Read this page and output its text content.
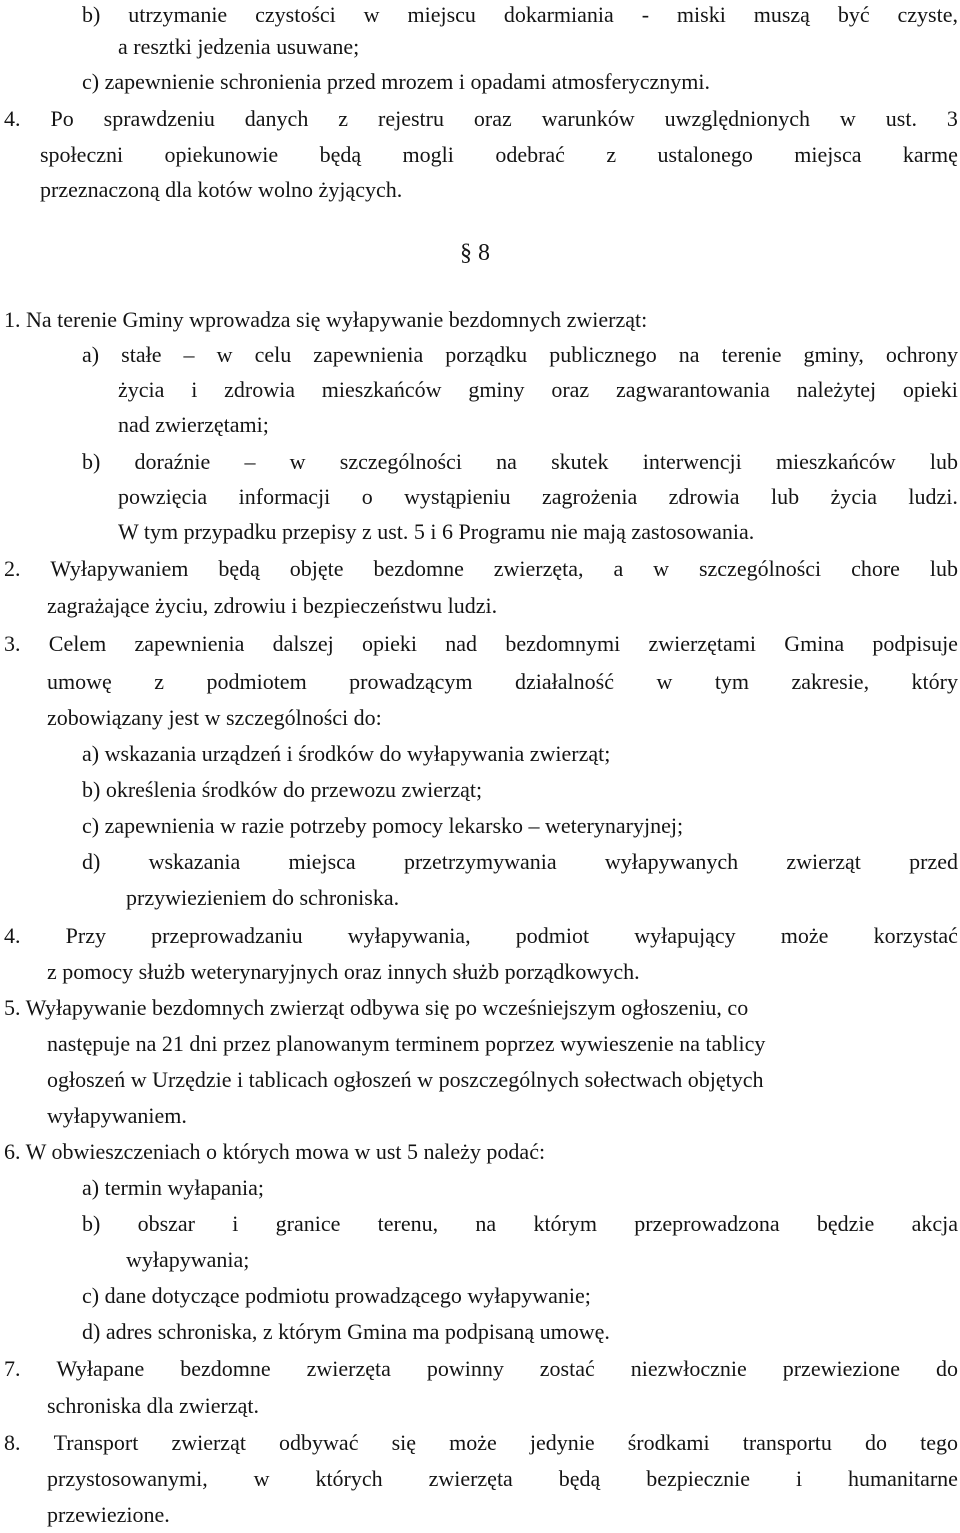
§ 8
b) utrzymanie czystości w miejscu dokarmiania - miski muszą być czyste,
a resztki jedzenia usuwane;
c) zapewnienie schronienia przed mrozem i opadami atmosferycznymi.
4. Po sprawdzeniu danych z rejestru oraz warunków uwzględnionych w ust. 3
społeczni opiekunowie będą mogli odebrać z ustalonego miejsca karmę
przeznaczoną dla kotów wolno żyjących.
1. Na terenie Gminy wprowadza się wyłapywanie bezdomnych zwierząt:
a) stałe – w celu zapewnienia porządku publicznego na terenie gminy, ochrony
życia i zdrowia mieszkańców gminy oraz zagwarantowania należytej opieki
nad zwierzętami;
b) doraźnie – w szczególności na skutek interwencji mieszkańców lub
powzięcia informacji o wystąpieniu zagrożenia zdrowia lub życia ludzi.
W tym przypadku przepisy z ust. 5 i 6 Programu nie mają zastosowania.
2. Wyłapywaniem będą objęte bezdomne zwierzęta, a w szczególności chore lub
zagrażające życiu, zdrowiu i bezpieczeństwu ludzi.
3. Celem zapewnienia dalszej opieki nad bezdomnymi zwierzętami Gmina podpisuje
umowę z podmiotem prowadzącym działalność w tym zakresie, który
zobowiązany jest w szczególności do:
a) wskazania urządzeń i środków do wyłapywania zwierząt;
b) określenia środków do przewozu zwierząt;
c) zapewnienia w razie potrzeby pomocy lekarsko – weterynaryjnej;
d) wskazania miejsca przetrzymywania wyłapywanych zwierząt przed
przywiezieniem do schroniska.
4. Przy przeprowadzaniu wyłapywania, podmiot wyłapujący może korzystać
z pomocy służb weterynaryjnych oraz innych służb porządkowych.
5. Wyłapywanie bezdomnych zwierząt odbywa się po wcześniejszym ogłoszeniu, co
następuje na 21 dni przez planowanym terminem poprzez wywieszenie na tablicy
ogłoszeń w Urzędzie i tablicach ogłoszeń w poszczególnych sołectwach objętych
wyłapywaniem.
6. W obwieszczeniach o których mowa w ust 5 należy podać:
a) termin wyłapania;
b) obszar i granice terenu, na którym przeprowadzona będzie akcja
wyłapywania;
c) dane dotyczące podmiotu prowadzącego wyłapywanie;
d) adres schroniska, z którym Gmina ma podpisaną umowę.
7. Wyłapane bezdomne zwierzęta powinny zostać niezwłocznie przewiezione do
schroniska dla zwierząt.
8. Transport zwierząt odbywać się może jedynie środkami transportu do tego
przystosowanymi, w których zwierzęta będą bezpiecznie i humanitarne
przewiezione.
